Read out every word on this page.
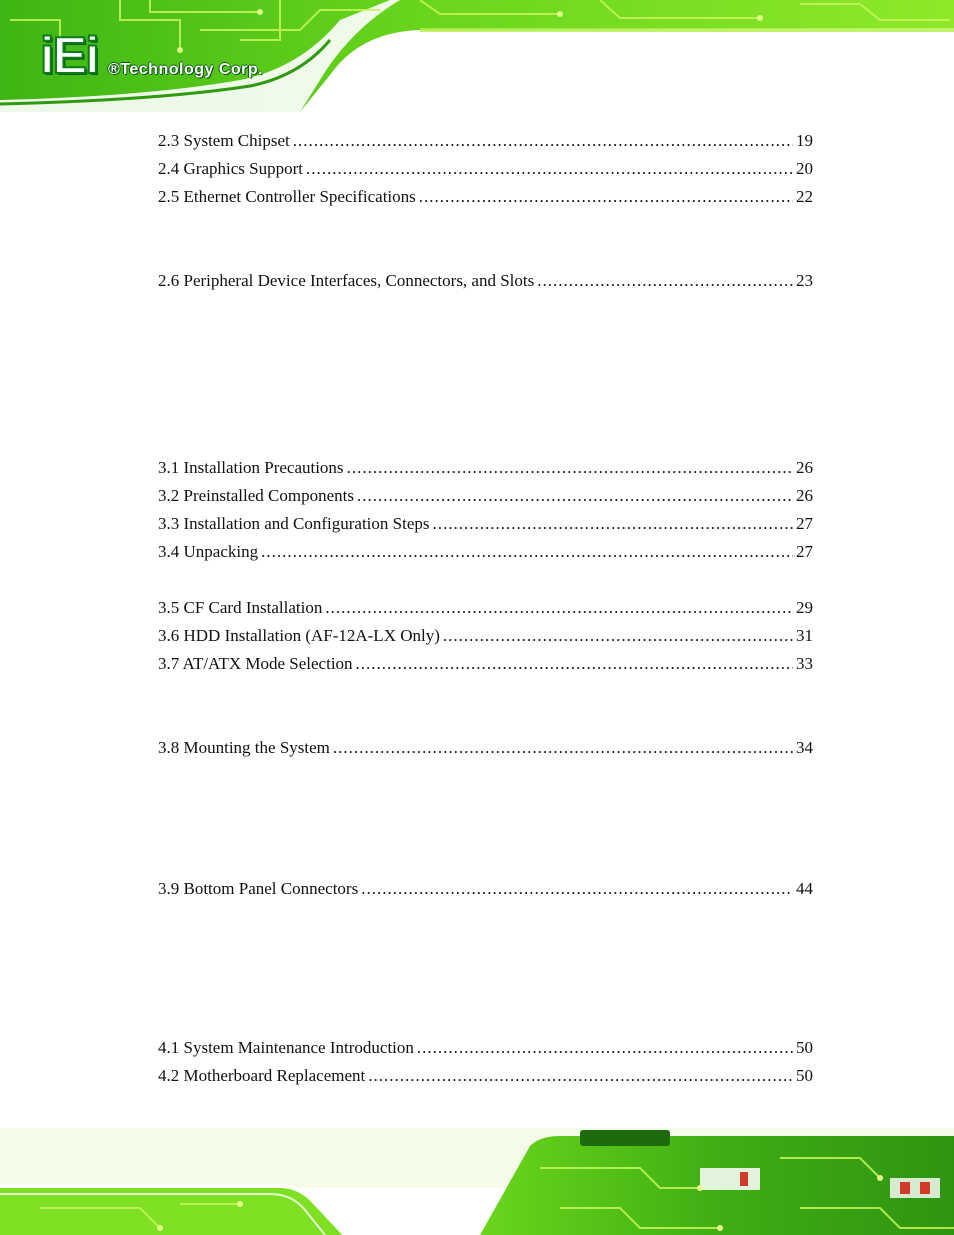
iEi ®Technology Corp.
2.3 System Chipset .....	19
2.4 Graphics Support .....	20
2.5 Ethernet Controller Specifications .....	22
2.6 Peripheral Device Interfaces, Connectors, and Slots .....	23
3.1 Installation Precautions .....	26
3.2 Preinstalled Components .....	26
3.3 Installation and Configuration Steps .....	27
3.4 Unpacking .....	27
3.5 CF Card Installation .....	29
3.6 HDD Installation (AF-12A-LX Only) .....	31
3.7 AT/ATX Mode Selection .....	33
3.8 Mounting the System .....	34
3.9 Bottom Panel Connectors .....	44
4.1 System Maintenance Introduction .....	50
4.2 Motherboard Replacement .....	50
